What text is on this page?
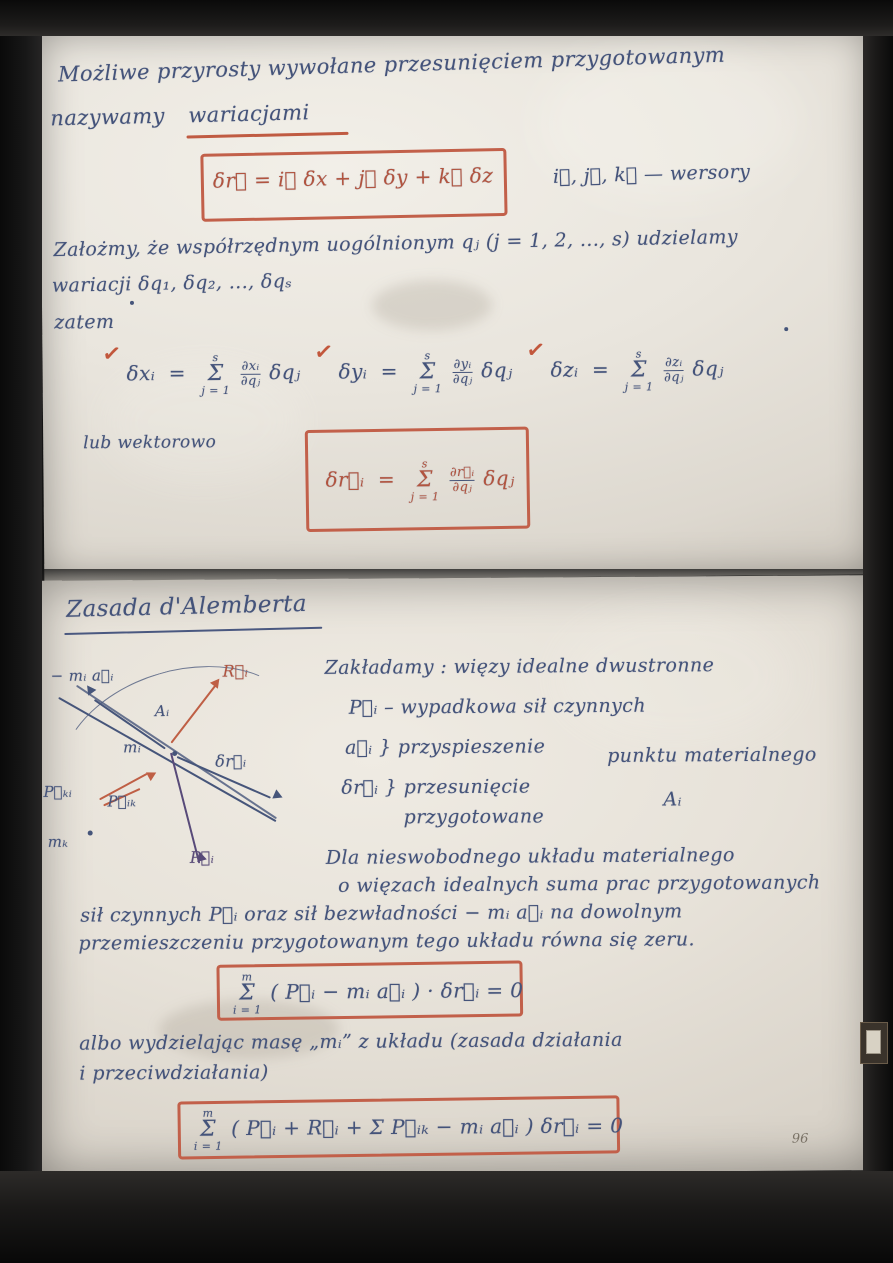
Możliwe przyrosty wywołane przesunięciem przygotowanym
nazywamy wariacjami
δr⃗ = i⃗ δx + j⃗ δy + k⃗ δz	i⃗, j⃗, k⃗ — wersory
Założmy, że współrzędnym uogólnionym qⱼ (j = 1, 2, ..., s) udzielamy
wariacji δq₁, δq₂, ..., δqₛ
zatem
✓
δxᵢ  =
s
Σ
j = 1

$\frac{\text{∂xᵢ}}{\text{∂qⱼ}}$ δqⱼ
✓
δyᵢ  =
s
Σ
j = 1

$\frac{\text{∂yᵢ}}{\text{∂qⱼ}}$ δqⱼ
✓
δzᵢ  =
s
Σ
j = 1

$\frac{\text{∂zᵢ}}{\text{∂qⱼ}}$ δqⱼ
lub wektorowo
δr⃗ᵢ  =
s
Σ
j = 1

$\frac{\text{∂r⃗ᵢ}}{\text{∂qⱼ}}$ δqⱼ
Zasada d'Alemberta
− mᵢ a⃗ᵢ	R⃗ᵢ
Aᵢ
mᵢ
δr⃗ᵢ
P⃗ₖᵢ
P⃗ᵢₖ
mₖ
P⃗ᵢ
Zakładamy : więzy idealne dwustronne
P⃗ᵢ – wypadkowa sił czynnych
a⃗ᵢ } przyspieszenie
δr⃗ᵢ } przesunięcie
przygotowane
punktu materialnego
Aᵢ
Dla nieswobodnego układu materialnego
o więzach idealnych suma prac przygotowanych
sił czynnych P⃗ᵢ oraz sił bezwładności − mᵢ a⃗ᵢ na dowolnym
przemieszczeniu przygotowanym tego układu równa się zeru.
m
Σ
i = 1
( P⃗ᵢ − mᵢ a⃗ᵢ ) · δr⃗ᵢ = 0
albo wydzielając masę „mᵢ” z układu (zasada działania
i przeciwdziałania)
m
Σ
i = 1
( P⃗ᵢ + R⃗ᵢ + Σ P⃗ᵢₖ − mᵢ a⃗ᵢ ) δr⃗ᵢ = 0	96
